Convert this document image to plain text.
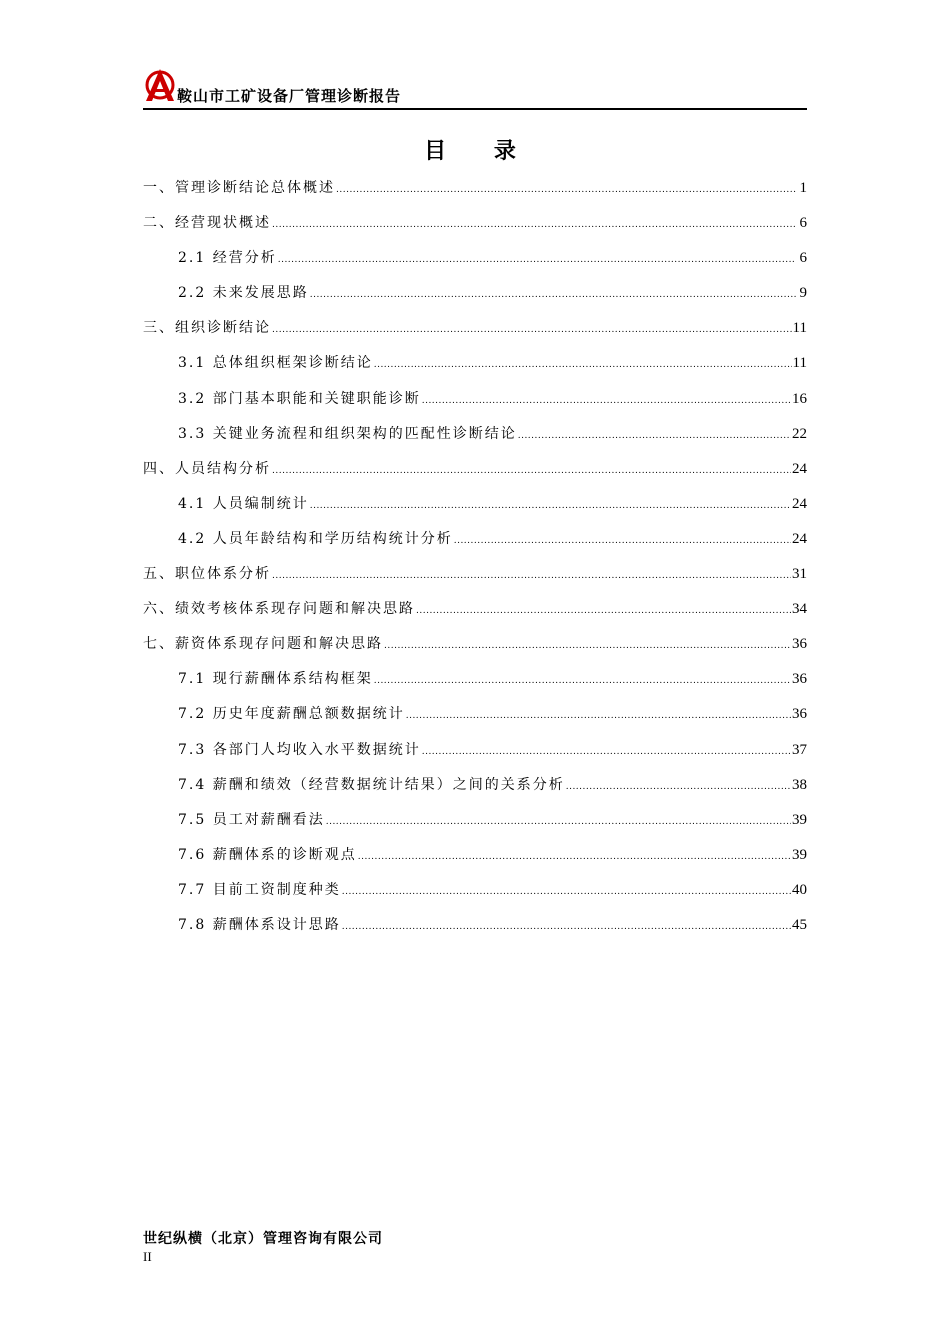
鞍山市工矿设备厂管理诊断报告
目 录
一、管理诊断结论总体概述 .....	1
二、经营现状概述 .....	6
2.1 经营分析 .....	6
2.2 未来发展思路 .....	9
三、组织诊断结论 .....	11
3.1 总体组织框架诊断结论 .....	11
3.2 部门基本职能和关键职能诊断 .....	16
3.3 关键业务流程和组织架构的匹配性诊断结论 .....	22
四、人员结构分析 .....	24
4.1 人员编制统计 .....	24
4.2 人员年龄结构和学历结构统计分析 .....	24
五、职位体系分析 .....	31
六、绩效考核体系现存问题和解决思路 .....	34
七、薪资体系现存问题和解决思路 .....	36
7.1 现行薪酬体系结构框架 .....	36
7.2 历史年度薪酬总额数据统计 .....	36
7.3 各部门人均收入水平数据统计 .....	37
7.4 薪酬和绩效（经营数据统计结果）之间的关系分析 .....	38
7.5 员工对薪酬看法 .....	39
7.6 薪酬体系的诊断观点 .....	39
7.7 目前工资制度种类 .....	40
7.8 薪酬体系设计思路 .....	45
世纪纵横（北京）管理咨询有限公司
II
